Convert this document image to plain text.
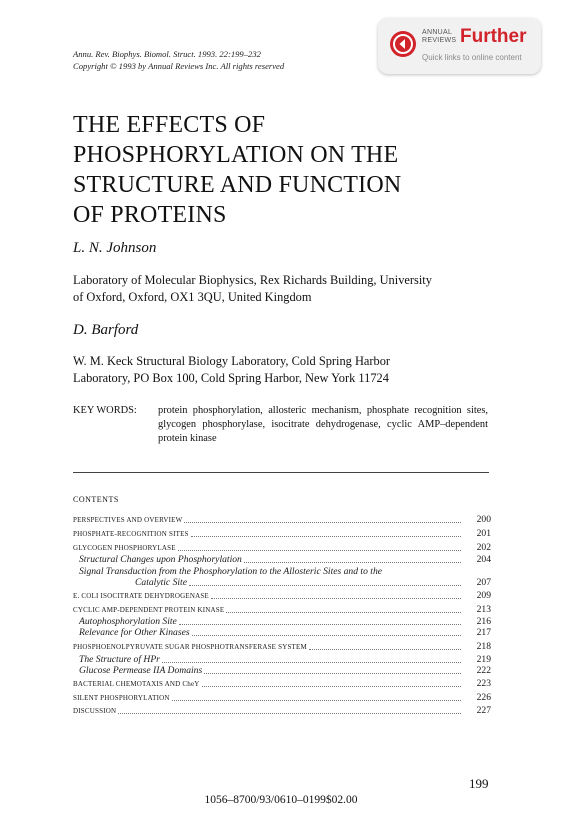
Annu. Rev. Biophys. Biomol. Struct. 1993. 22:199–232
Copyright © 1993 by Annual Reviews Inc. All rights reserved
ANNUAL
REVIEWS Further
Quick links to online content
THE EFFECTS OF
PHOSPHORYLATION ON THE
STRUCTURE AND FUNCTION
OF PROTEINS
L. N. Johnson
Laboratory of Molecular Biophysics, Rex Richards Building, University
of Oxford, Oxford, OX1 3QU, United Kingdom
D. Barford
W. M. Keck Structural Biology Laboratory, Cold Spring Harbor
Laboratory, PO Box 100, Cold Spring Harbor, New York 11724
KEY WORDS: protein phosphorylation, allosteric mechanism, phosphate recognition sites, glycogen phosphorylase, isocitrate dehydrogenase, cyclic AMP–dependent protein kinase
CONTENTS
PERSPECTIVES AND OVERVIEW	200
PHOSPHATE-RECOGNITION SITES	201
GLYCOGEN PHOSPHORYLASE	202
Structural Changes upon Phosphorylation	204
Signal Transduction from the Phosphorylation to the Allosteric Sites and to the
Catalytic Site	207
E. COLI ISOCITRATE DEHYDROGENASE	209
CYCLIC AMP-DEPENDENT PROTEIN KINASE	213
Autophosphorylation Site	216
Relevance for Other Kinases	217
PHOSPHOENOLPYRUVATE SUGAR PHOSPHOTRANSFERASE SYSTEM	218
The Structure of HPr	219
Glucose Permease IIA Domains	222
BACTERIAL CHEMOTAXIS AND CheY	223
SILENT PHOSPHORYLATION	226
DISCUSSION	227
199
1056–8700/93/0610–0199$02.00
